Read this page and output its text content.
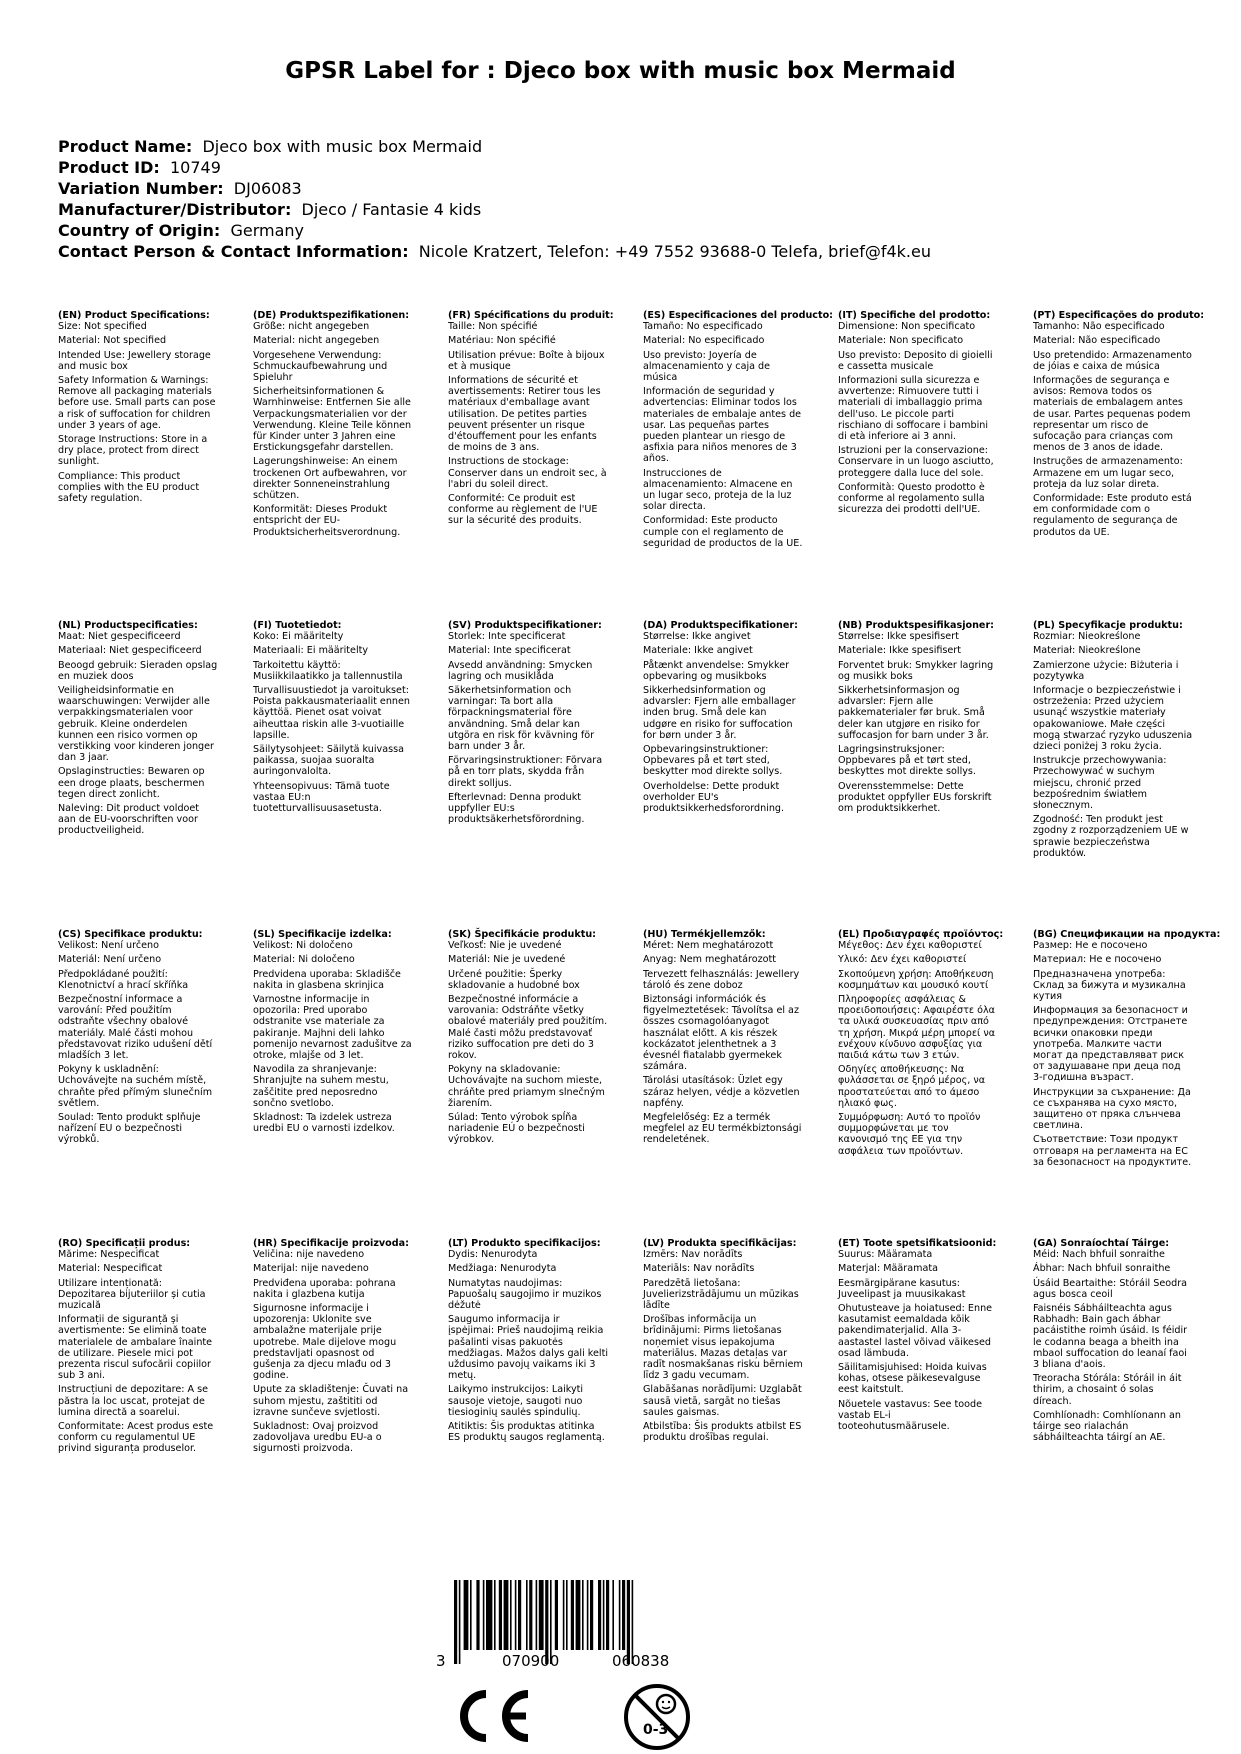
GPSR Label for : Djeco box with music box Mermaid
Product Name: Djeco box with music box Mermaid
Product ID: 10749
Variation Number: DJ06083
Manufacturer/Distributor: Djeco / Fantasie 4 kids
Country of Origin: Germany
Contact Person & Contact Information: Nicole Kratzert, Telefon: +49 7552 93688-0 Telefa, brief@f4k.eu
(EN) Product Specifications:
Size: Not specified
Material: Not specified
Intended Use: Jewellery storage and music box
Safety Information & Warnings: Remove all packaging materials before use. Small parts can pose a risk of suffocation for children under 3 years of age.
Storage Instructions: Store in a dry place, protect from direct sunlight.
Compliance: This product complies with the EU product safety regulation.
(DE) Produktspezifikationen:
Größe: nicht angegeben
Material: nicht angegeben
Vorgesehene Verwendung: Schmuckaufbewahrung und Spieluhr
Sicherheitsinformationen & Warnhinweise: Entfernen Sie alle Verpackungsmaterialien vor der Verwendung. Kleine Teile können für Kinder unter 3 Jahren eine Erstickungsgefahr darstellen.
Lagerungshinweise: An einem trockenen Ort aufbewahren, vor direkter Sonneneinstrahlung schützen.
Konformität: Dieses Produkt entspricht der EU-Produktsicherheitsverordnung.
(FR) Spécifications du produit:
Taille: Non spécifié
Matériau: Non spécifié
Utilisation prévue: Boîte à bijoux et à musique
Informations de sécurité et avertissements: Retirer tous les matériaux d'emballage avant utilisation. De petites parties peuvent présenter un risque d'étouffement pour les enfants de moins de 3 ans.
Instructions de stockage: Conserver dans un endroit sec, à l'abri du soleil direct.
Conformité: Ce produit est conforme au règlement de l'UE sur la sécurité des produits.
(ES) Especificaciones del producto:
Tamaño: No especificado
Material: No especificado
Uso previsto: Joyería de almacenamiento y caja de música
Información de seguridad y advertencias: Eliminar todos los materiales de embalaje antes de usar. Las pequeñas partes pueden plantear un riesgo de asfixia para niños menores de 3 años.
Instrucciones de almacenamiento: Almacene en un lugar seco, proteja de la luz solar directa.
Conformidad: Este producto cumple con el reglamento de seguridad de productos de la UE.
(IT) Specifiche del prodotto:
Dimensione: Non specificato
Materiale: Non specificato
Uso previsto: Deposito di gioielli e cassetta musicale
Informazioni sulla sicurezza e avvertenze: Rimuovere tutti i materiali di imballaggio prima dell'uso. Le piccole parti rischiano di soffocare i bambini di età inferiore ai 3 anni.
Istruzioni per la conservazione: Conservare in un luogo asciutto, proteggere dalla luce del sole.
Conformità: Questo prodotto è conforme al regolamento sulla sicurezza dei prodotti dell'UE.
(PT) Especificações do produto:
Tamanho: Não especificado
Material: Não especificado
Uso pretendido: Armazenamento de jóias e caixa de música
Informações de segurança e avisos: Remova todos os materiais de embalagem antes de usar. Partes pequenas podem representar um risco de sufocação para crianças com menos de 3 anos de idade.
Instruções de armazenamento: Armazene em um lugar seco, proteja da luz solar direta.
Conformidade: Este produto está em conformidade com o regulamento de segurança de produtos da UE.
(NL) Productspecificaties:
Maat: Niet gespecificeerd
Materiaal: Niet gespecificeerd
Beoogd gebruik: Sieraden opslag en muziek doos
Veiligheidsinformatie en waarschuwingen: Verwijder alle verpakkingsmaterialen voor gebruik. Kleine onderdelen kunnen een risico vormen op verstikking voor kinderen jonger dan 3 jaar.
Opslaginstructies: Bewaren op een droge plaats, beschermen tegen direct zonlicht.
Naleving: Dit product voldoet aan de EU-voorschriften voor productveiligheid.
(FI) Tuotetiedot:
Koko: Ei määritelty
Materiaali: Ei määritelty
Tarkoitettu käyttö: Musiikkilaatikko ja tallennustila
Turvallisuustiedot ja varoitukset: Poista pakkausmateriaalit ennen käyttöä. Pienet osat voivat aiheuttaa riskin alle 3-vuotiaille lapsille.
Säilytysohjeet: Säilytä kuivassa paikassa, suojaa suoralta auringonvalolta.
Yhteensopivuus: Tämä tuote vastaa EU:n tuotetturvallisuusasetusta.
(SV) Produktspecifikationer:
Storlek: Inte specificerat
Material: Inte specificerat
Avsedd användning: Smycken lagring och musiklåda
Säkerhetsinformation och varningar: Ta bort alla förpackningsmaterial före användning. Små delar kan utgöra en risk för kvävning för barn under 3 år.
Förvaringsinstruktioner: Förvara på en torr plats, skydda från direkt solljus.
Efterlevnad: Denna produkt uppfyller EU:s produktsäkerhetsförordning.
(DA) Produktspecifikationer:
Størrelse: Ikke angivet
Materiale: Ikke angivet
Påtænkt anvendelse: Smykker opbevaring og musikboks
Sikkerhedsinformation og advarsler: Fjern alle emballager inden brug. Små dele kan udgøre en risiko for suffocation for børn under 3 år.
Opbevaringsinstruktioner: Opbevares på et tørt sted, beskytter mod direkte sollys.
Overholdelse: Dette produkt overholder EU's produktsikkerhedsforordning.
(NB) Produktspesifikasjoner:
Størrelse: Ikke spesifisert
Materiale: Ikke spesifisert
Forventet bruk: Smykker lagring og musikk boks
Sikkerhetsinformasjon og advarsler: Fjern alle pakkematerialer før bruk. Små deler kan utgjøre en risiko for suffocasjon for barn under 3 år.
Lagringsinstruksjoner: Oppbevares på et tørt sted, beskyttes mot direkte sollys.
Overensstemmelse: Dette produktet oppfyller EUs forskrift om produktsikkerhet.
(PL) Specyfikacje produktu:
Rozmiar: Nieokreślone
Materiał: Nieokreślone
Zamierzone użycie: Biżuteria i pozytywka
Informacje o bezpieczeństwie i ostrzeżenia: Przed użyciem usunąć wszystkie materiały opakowaniowe. Małe części mogą stwarzać ryzyko uduszenia dzieci poniżej 3 roku życia.
Instrukcje przechowywania: Przechowywać w suchym miejscu, chronić przed bezpośrednim światłem słonecznym.
Zgodność: Ten produkt jest zgodny z rozporządzeniem UE w sprawie bezpieczeństwa produktów.
(CS) Specifikace produktu:
Velikost: Není určeno
Materiál: Není určeno
Předpokládané použití: Klenotnictví a hrací skříňka
Bezpečnostní informace a varování: Před použitím odstraňte všechny obalové materiály. Malé části mohou představovat riziko udušení dětí mladších 3 let.
Pokyny k uskladnění: Uchovávejte na suchém místě, chraňte před přímým slunečním světlem.
Soulad: Tento produkt splňuje nařízení EU o bezpečnosti výrobků.
(SL) Specifikacije izdelka:
Velikost: Ni določeno
Material: Ni določeno
Predvidena uporaba: Skladišče nakita in glasbena skrinjica
Varnostne informacije in opozorila: Pred uporabo odstranite vse materiale za pakiranje. Majhni deli lahko pomenijo nevarnost zadušitve za otroke, mlajše od 3 let.
Navodila za shranjevanje: Shranjujte na suhem mestu, zaščitite pred neposredno sončno svetlobo.
Skladnost: Ta izdelek ustreza uredbi EU o varnosti izdelkov.
(SK) Špecifikácie produktu:
Veľkosť: Nie je uvedené
Materiál: Nie je uvedené
Určené použitie: Šperky skladovanie a hudobné box
Bezpečnostné informácie a varovania: Odstráňte všetky obalové materiály pred použitím. Malé časti môžu predstavovať riziko suffocation pre deti do 3 rokov.
Pokyny na skladovanie: Uchovávajte na suchom mieste, chráňte pred priamym slnečným žiarením.
Súlad: Tento výrobok spĺňa nariadenie EÚ o bezpečnosti výrobkov.
(HU) Termékjellemzők:
Méret: Nem meghatározott
Anyag: Nem meghatározott
Tervezett felhasználás: Jewellery tároló és zene doboz
Biztonsági információk és figyelmeztetések: Távolítsa el az összes csomagolóanyagot használat előtt. A kis részek kockázatot jelenthetnek a 3 évesnél fiatalabb gyermekek számára.
Tárolási utasítások: Üzlet egy száraz helyen, védje a közvetlen napfény.
Megfelelőség: Ez a termék megfelel az EU termékbiztonsági rendeletének.
(EL) Προδιαγραφές προϊόντος:
Μέγεθος: Δεν έχει καθοριστεί
Υλικό: Δεν έχει καθοριστεί
Σκοπούμενη χρήση: Αποθήκευση κοσμημάτων και μουσικό κουτί
Πληροφορίες ασφάλειας & προειδοποιήσεις: Αφαιρέστε όλα τα υλικά συσκευασίας πριν από τη χρήση. Μικρά μέρη μπορεί να ενέχουν κίνδυνο ασφυξίας για παιδιά κάτω των 3 ετών.
Οδηγίες αποθήκευσης: Να φυλάσσεται σε ξηρό μέρος, να προστατεύεται από το άμεσο ηλιακό φως.
Συμμόρφωση: Αυτό το προϊόν συμμορφώνεται με τον κανονισμό της ΕΕ για την ασφάλεια των προϊόντων.
(BG) Спецификации на продукта:
Размер: Не е посочено
Материал: Не е посочено
Предназначена употреба: Склад за бижута и музикална кутия
Информация за безопасност и предупреждения: Отстранете всички опаковки преди употреба. Малките части могат да представляват риск от задушаване при деца под 3-годишна възраст.
Инструкции за съхранение: Да се съхранява на сухо място, защитено от пряка слънчева светлина.
Съответствие: Този продукт отговаря на регламента на ЕС за безопасност на продуктите.
(RO) Specificații produs:
Mărime: Nespecificat
Material: Nespecificat
Utilizare intenționată: Depozitarea bijuteriilor și cutia muzicală
Informații de siguranță și avertismente: Se elimină toate materialele de ambalare înainte de utilizare. Piesele mici pot prezenta riscul sufocării copiilor sub 3 ani.
Instrucțiuni de depozitare: A se păstra la loc uscat, protejat de lumina directă a soarelui.
Conformitate: Acest produs este conform cu regulamentul UE privind siguranța produselor.
(HR) Specifikacije proizvoda:
Veličina: nije navedeno
Materijal: nije navedeno
Predviđena uporaba: pohrana nakita i glazbena kutija
Sigurnosne informacije i upozorenja: Uklonite sve ambalažne materijale prije upotrebe. Male dijelove mogu predstavljati opasnost od gušenja za djecu mlađu od 3 godine.
Upute za skladištenje: Čuvati na suhom mjestu, zaštititi od izravne sunčeve svjetlosti.
Sukladnost: Ovaj proizvod zadovoljava uredbu EU-a o sigurnosti proizvoda.
(LT) Produkto specifikacijos:
Dydis: Nenurodyta
Medžiaga: Nenurodyta
Numatytas naudojimas: Papuošalų saugojimo ir muzikos dėžutė
Saugumo informacija ir įspėjimai: Prieš naudojimą reikia pašalinti visas pakuotės medžiagas. Mažos dalys gali kelti uždusimo pavojų vaikams iki 3 metų.
Laikymo instrukcijos: Laikyti sausoje vietoje, saugoti nuo tiesioginių saulės spindulių.
Atitiktis: Šis produktas atitinka ES produktų saugos reglamentą.
(LV) Produkta specifikācijas:
Izmērs: Nav norādīts
Materiāls: Nav norādīts
Paredzētā lietošana: Juvelierizstrādājumu un mūzikas lādīte
Drošības informācija un brīdinājumi: Pirms lietošanas noņemiet visus iepakojuma materiālus. Mazas detaļas var radīt nosmakšanas risku bērniem līdz 3 gadu vecumam.
Glabāšanas norādījumi: Uzglabāt sausā vietā, sargāt no tiešas saules gaismas.
Atbilstība: Šis produkts atbilst ES produktu drošības regulai.
(ET) Toote spetsifikatsioonid:
Suurus: Määramata
Materjal: Määramata
Eesmärgipärane kasutus: Juveelipast ja muusikakast
Ohutusteave ja hoiatused: Enne kasutamist eemaldada kõik pakendimaterjalid. Alla 3-aastastel lastel võivad väikesed osad lämbuda.
Säilitamisjuhised: Hoida kuivas kohas, otsese päikesevalguse eest kaitstult.
Nõuetele vastavus: See toode vastab EL-i tooteohutusmäärusele.
(GA) Sonraíochtaí Táirge:
Méid: Nach bhfuil sonraithe
Ábhar: Nach bhfuil sonraithe
Úsáid Beartaithe: Stóráil Seodra agus bosca ceoil
Faisnéis Sábháilteachta agus Rabhadh: Bain gach ábhar pacáistithe roimh úsáid. Is féidir le codanna beaga a bheith ina mbaol suffocation do leanaí faoi 3 bliana d'aois.
Treoracha Stórála: Stóráil in áit thirim, a chosaint ó solas díreach.
Comhlíonadh: Comhlíonann an táirge seo rialachán sábháilteachta táirgí an AE.
3	070900	060838
0-3
